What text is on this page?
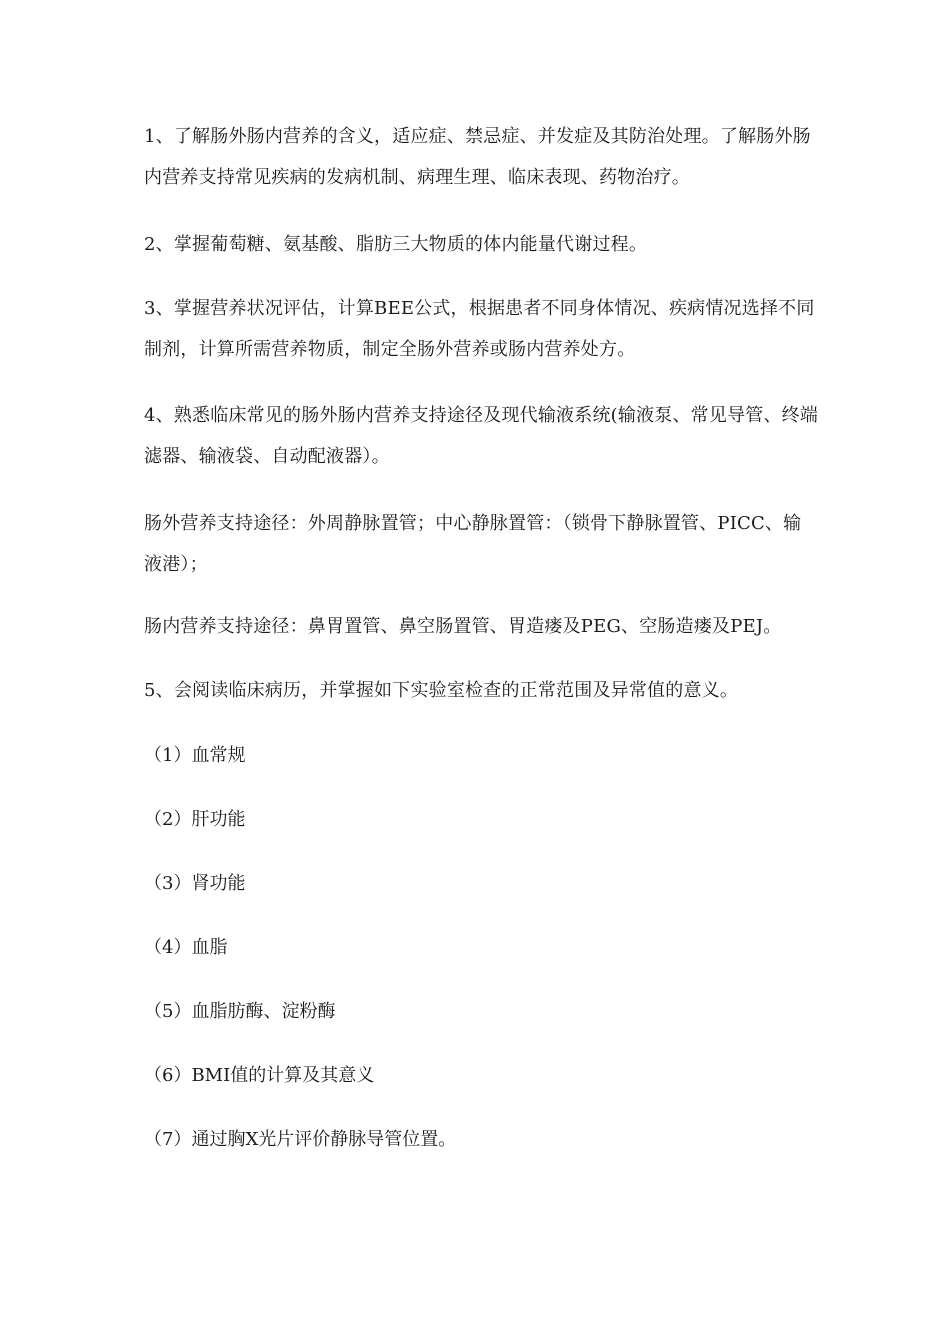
1、了解肠外肠内营养的含义，适应症、禁忌症、并发症及其防治处理。了解肠外肠内营养支持常见疾病的发病机制、病理生理、临床表现、药物治疗。
2、掌握葡萄糖、氨基酸、脂肪三大物质的体内能量代谢过程。
3、掌握营养状况评估，计算BEE公式，根据患者不同身体情况、疾病情况选择不同制剂，计算所需营养物质，制定全肠外营养或肠内营养处方。
4、熟悉临床常见的肠外肠内营养支持途径及现代输液系统(输液泵、常见导管、终端滤器、输液袋、自动配液器）。
肠外营养支持途径：外周静脉置管；中心静脉置管：（锁骨下静脉置管、PICC、输液港）；
肠内营养支持途径：鼻胃置管、鼻空肠置管、胃造瘘及PEG、空肠造瘘及PEJ。
5、会阅读临床病历，并掌握如下实验室检查的正常范围及异常值的意义。
（1）血常规
（2）肝功能
（3）肾功能
（4）血脂
（5）血脂肪酶、淀粉酶
（6）BMI值的计算及其意义
（7）通过胸X光片评价静脉导管位置。
